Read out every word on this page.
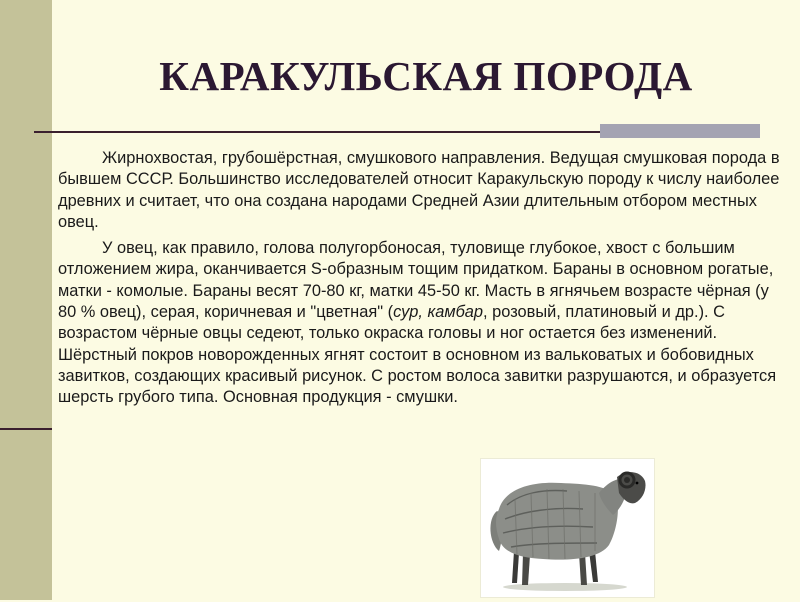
КАРАКУЛЬСКАЯ ПОРОДА

Жирнохвостая, грубошёрстная, смушкового направления. Ведущая смушковая порода в бывшем СССР. Большинство исследователей относит Каракульскую породу к числу наиболее древних и считает, что она создана народами Средней Азии длительным отбором местных овец.

У овец, как правило, голова полугорбоносая, туловище глубокое, хвост с большим отложением жира, оканчивается S-образным тощим придатком. Бараны в основном рогатые, матки - комолые. Бараны весят 70-80 кг, матки 45-50 кг. Масть в ягнячьем возрасте чёрная (у 80 % овец), серая, коричневая и "цветная" (сур, камбар, розовый, платиновый и др.). С возрастом чёрные овцы седеют, только окраска головы и ног остается без изменений. Шёрстный покров новорожденных ягнят состоит в основном из вальковатых и бобовидных завитков, создающих красивый рисунок. С ростом волоса завитки разрушаются, и образуется шерсть грубого типа. Основная продукция - смушки.
